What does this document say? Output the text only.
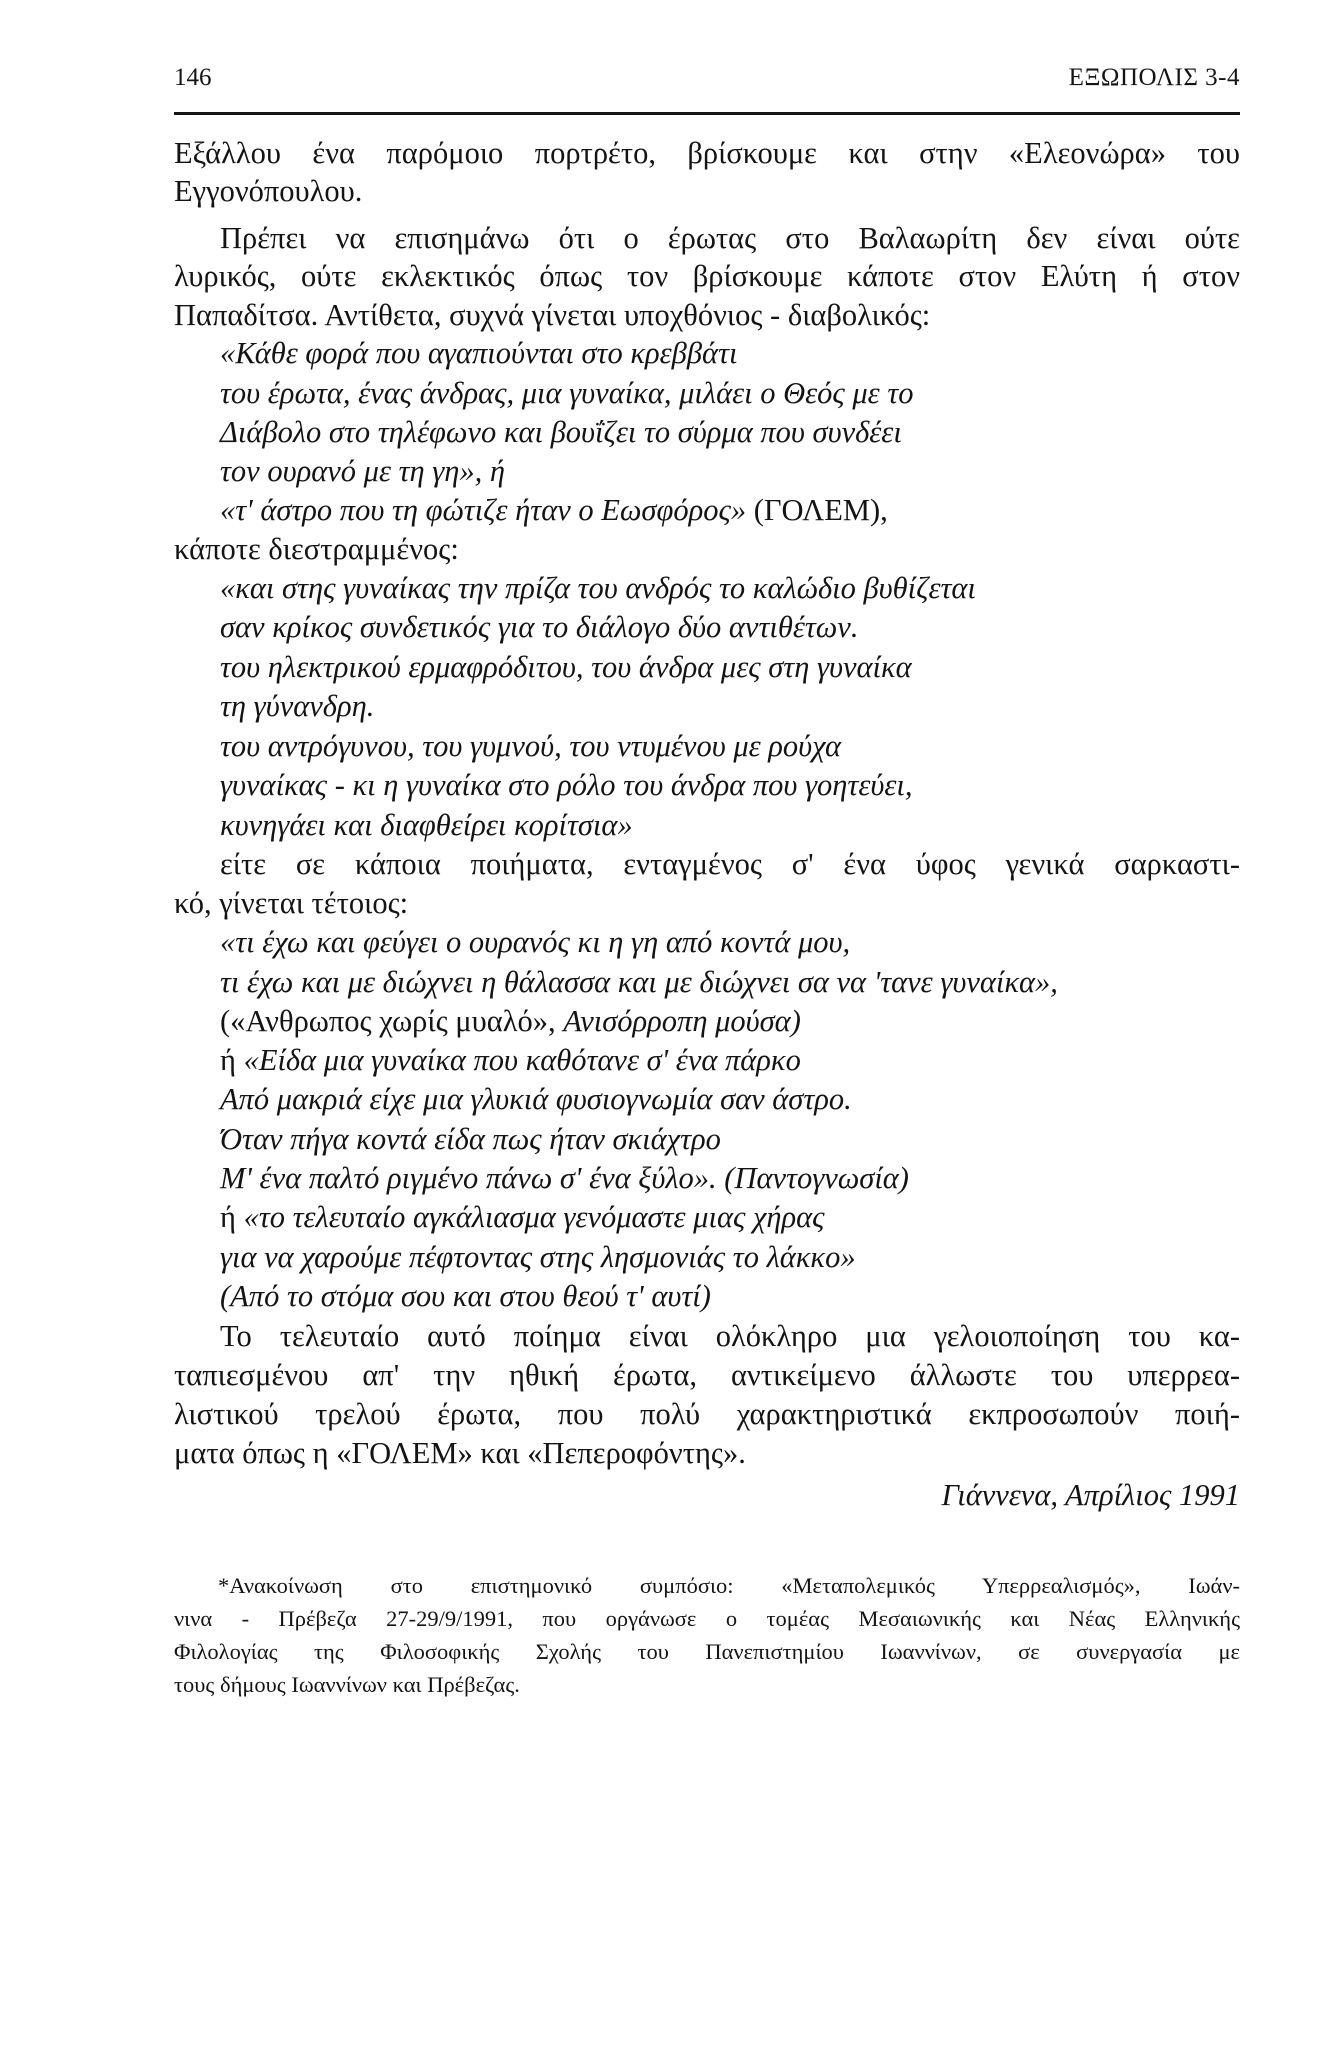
146	ΕΞΩΠΟΛΙΣ 3-4
Εξάλλου ένα παρόμοιο πορτρέτο, βρίσκουμε και στην «Ελεονώρα» του
Εγγονόπουλου.
Πρέπει να επισημάνω ότι ο έρωτας στο Βαλαωρίτη δεν είναι ούτε
λυρικός, ούτε εκλεκτικός όπως τον βρίσκουμε κάποτε στον Ελύτη ή στον
Παπαδίτσα. Αντίθετα, συχνά γίνεται υποχθόνιος - διαβολικός:
«Κάθε φορά που αγαπιούνται στο κρεββάτι
του έρωτα, ένας άνδρας, μια γυναίκα, μιλάει ο Θεός με το
Διάβολο στο τηλέφωνο και βουΐζει το σύρμα που συνδέει
τον ουρανό με τη γη», ή
«τ' άστρο που τη φώτιζε ήταν ο Εωσφόρος» (ΓΟΛΕΜ),
κάποτε διεστραμμένος:
«και στης γυναίκας την πρίζα του ανδρός το καλώδιο βυθίζεται
σαν κρίκος συνδετικός για το διάλογο δύο αντιθέτων.
του ηλεκτρικού ερμαφρόδιτου, του άνδρα μες στη γυναίκα
τη γύνανδρη.
του αντρόγυνου, του γυμνού, του ντυμένου με ρούχα
γυναίκας - κι η γυναίκα στο ρόλο του άνδρα που γοητεύει,
κυνηγάει και διαφθείρει κορίτσια»
είτε σε κάποια ποιήματα, ενταγμένος σ' ένα ύφος γενικά σαρκαστι-
κό, γίνεται τέτοιος:
«τι έχω και φεύγει ο ουρανός κι η γη από κοντά μου,
τι έχω και με διώχνει η θάλασσα και με διώχνει σα να 'τανε γυναίκα»,
(«Ανθρωπος χωρίς μυαλό», Ανισόρροπη μούσα)
ή «Είδα μια γυναίκα που καθότανε σ' ένα πάρκο
Από μακριά είχε μια γλυκιά φυσιογνωμία σαν άστρο.
Όταν πήγα κοντά είδα πως ήταν σκιάχτρο
Μ' ένα παλτό ριγμένο πάνω σ' ένα ξύλο». (Παντογνωσία)
ή «το τελευταίο αγκάλιασμα γενόμαστε μιας χήρας
για να χαρούμε πέφτοντας στης λησμονιάς το λάκκο»
(Από το στόμα σου και στου θεού τ' αυτί)
Το τελευταίο αυτό ποίημα είναι ολόκληρο μια γελοιοποίηση του κα-
ταπιεσμένου απ' την ηθική έρωτα, αντικείμενο άλλωστε του υπερρεα-
λιστικού τρελού έρωτα, που πολύ χαρακτηριστικά εκπροσωπούν ποιή-
ματα όπως η «ΓΟΛΕΜ» και «Πεπεροφόντης».
Γιάννενα, Απρίλιος 1991
*Ανακοίνωση στο επιστημονικό συμπόσιο: «Μεταπολεμικός Υπερρεαλισμός», Ιωάν-
νινα - Πρέβεζα 27-29/9/1991, που οργάνωσε ο τομέας Μεσαιωνικής και Νέας Ελληνικής
Φιλολογίας της Φιλοσοφικής Σχολής του Πανεπιστημίου Ιωαννίνων, σε συνεργασία με
τους δήμους Ιωαννίνων και Πρέβεζας.
